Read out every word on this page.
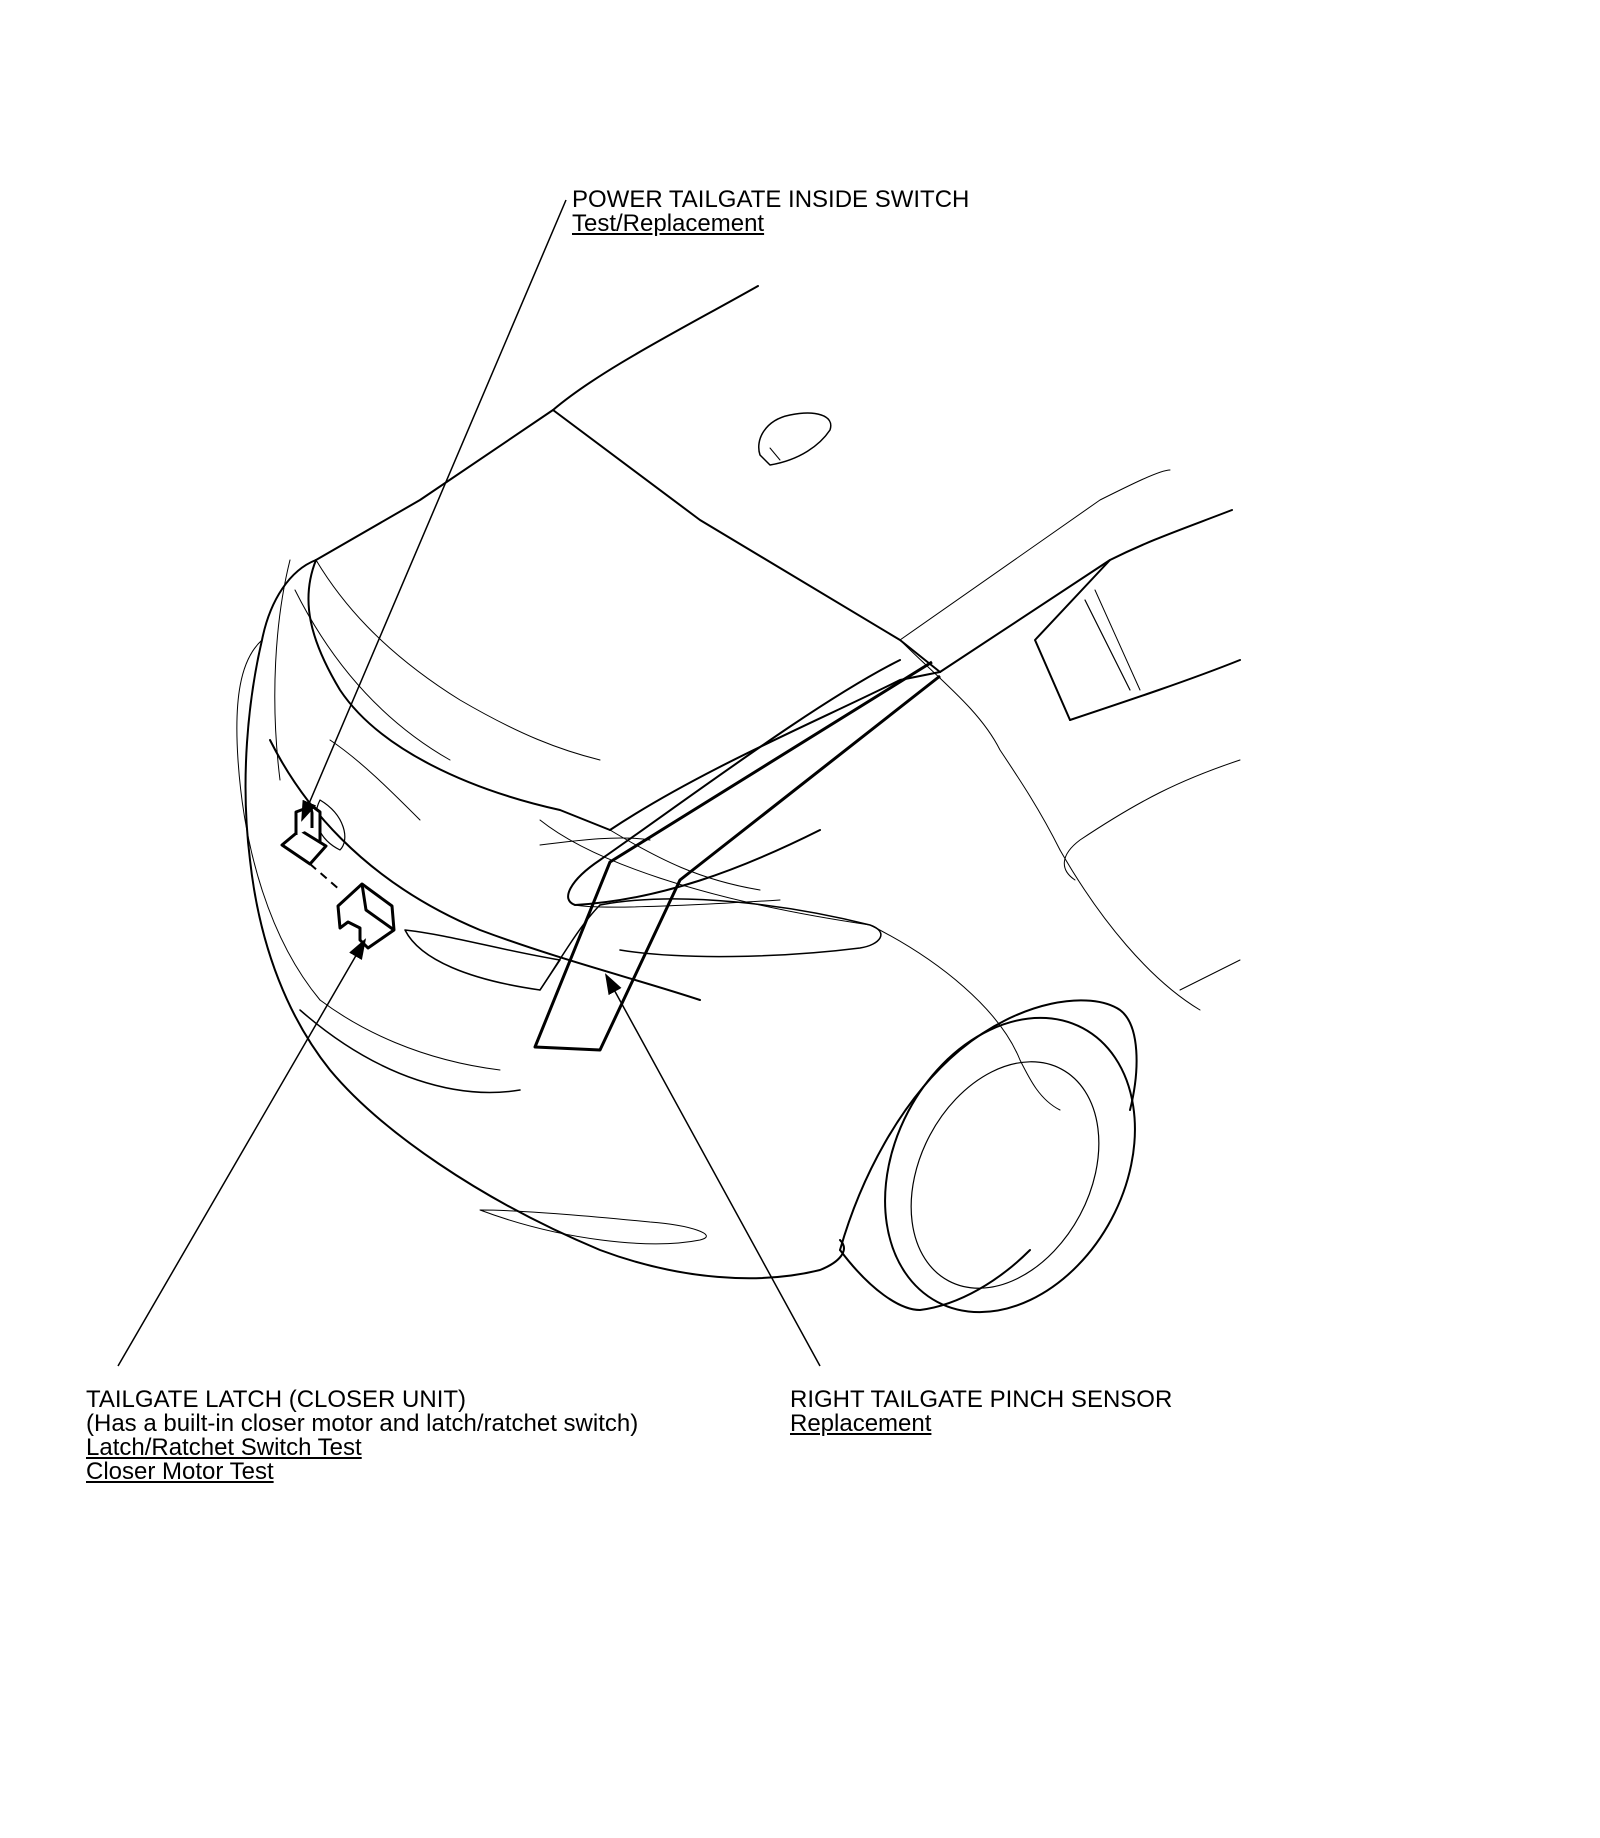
POWER TAILGATE INSIDE SWITCH
Test/Replacement
TAILGATE LATCH (CLOSER UNIT)
(Has a built-in closer motor and latch/ratchet switch)
Latch/Ratchet Switch Test
Closer Motor Test
RIGHT TAILGATE PINCH SENSOR
Replacement
